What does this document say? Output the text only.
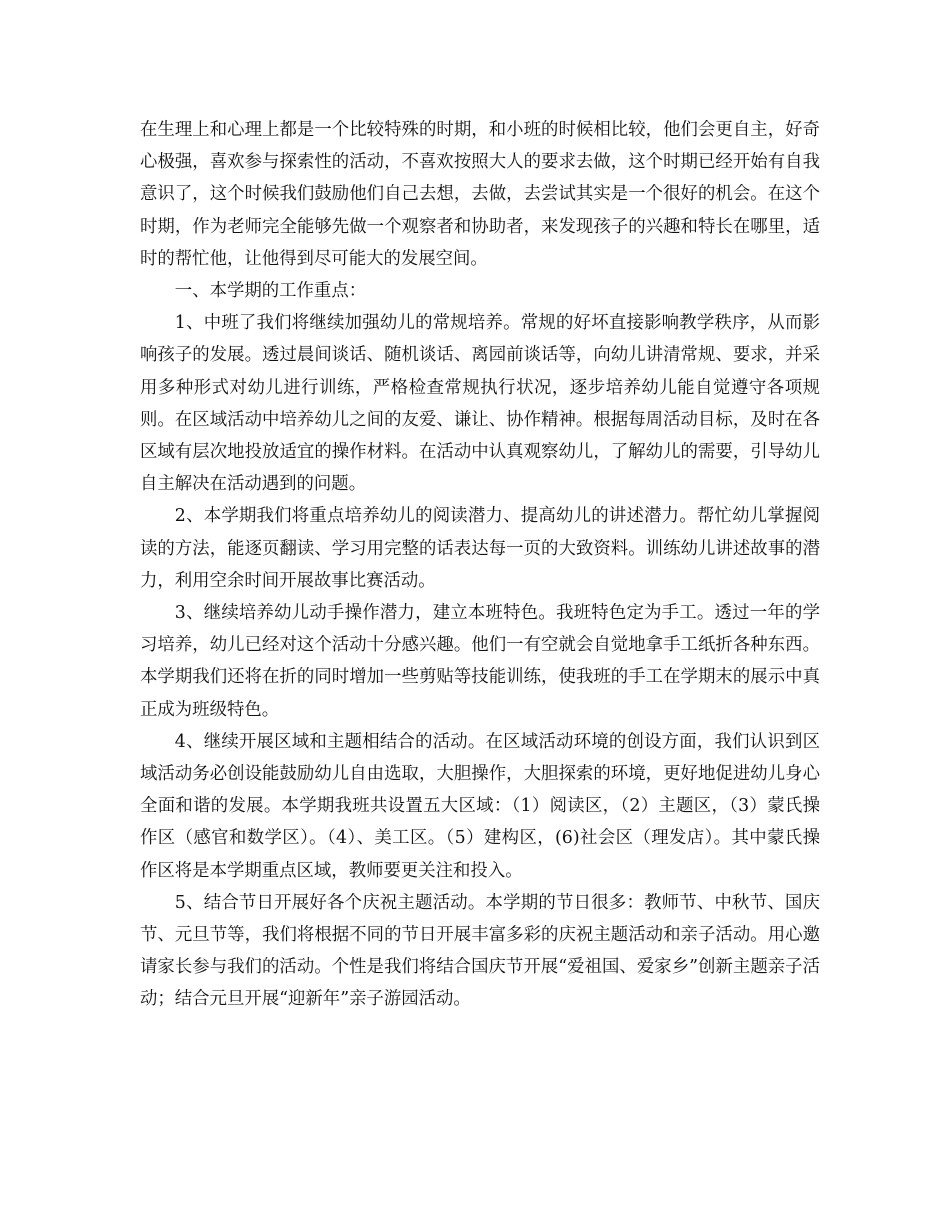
在生理上和心理上都是一个比较特殊的时期，和小班的时候相比较，他们会更自主，好奇心极强，喜欢参与探索性的活动，不喜欢按照大人的要求去做，这个时期已经开始有自我意识了，这个时候我们鼓励他们自己去想，去做，去尝试其实是一个很好的机会。在这个时期，作为老师完全能够先做一个观察者和协助者，来发现孩子的兴趣和特长在哪里，适时的帮忙他，让他得到尽可能大的发展空间。

一、本学期的工作重点：

1、中班了我们将继续加强幼儿的常规培养。常规的好坏直接影响教学秩序，从而影响孩子的发展。透过晨间谈话、随机谈话、离园前谈话等，向幼儿讲清常规、要求，并采用多种形式对幼儿进行训练，严格检查常规执行状况，逐步培养幼儿能自觉遵守各项规则。在区域活动中培养幼儿之间的友爱、谦让、协作精神。根据每周活动目标，及时在各区域有层次地投放适宜的操作材料。在活动中认真观察幼儿，了解幼儿的需要，引导幼儿自主解决在活动遇到的问题。

2、本学期我们将重点培养幼儿的阅读潜力、提高幼儿的讲述潜力。帮忙幼儿掌握阅读的方法，能逐页翻读、学习用完整的话表达每一页的大致资料。训练幼儿讲述故事的潜力，利用空余时间开展故事比赛活动。

3、继续培养幼儿动手操作潜力，建立本班特色。我班特色定为手工。透过一年的学习培养，幼儿已经对这个活动十分感兴趣。他们一有空就会自觉地拿手工纸折各种东西。本学期我们还将在折的同时增加一些剪贴等技能训练，使我班的手工在学期末的展示中真正成为班级特色。

4、继续开展区域和主题相结合的活动。在区域活动环境的创设方面，我们认识到区域活动务必创设能鼓励幼儿自由选取，大胆操作，大胆探索的环境，更好地促进幼儿身心全面和谐的发展。本学期我班共设置五大区域：（1）阅读区，（2）主题区，（3）蒙氏操作区（感官和数学区）。（4）、美工区。（5）建构区，(6)社会区（理发店）。其中蒙氏操作区将是本学期重点区域，教师要更关注和投入。

5、结合节日开展好各个庆祝主题活动。本学期的节日很多：教师节、中秋节、国庆节、元旦节等，我们将根据不同的节日开展丰富多彩的庆祝主题活动和亲子活动。用心邀请家长参与我们的活动。个性是我们将结合国庆节开展“爱祖国、爱家乡”创新主题亲子活动；结合元旦开展“迎新年”亲子游园活动。
